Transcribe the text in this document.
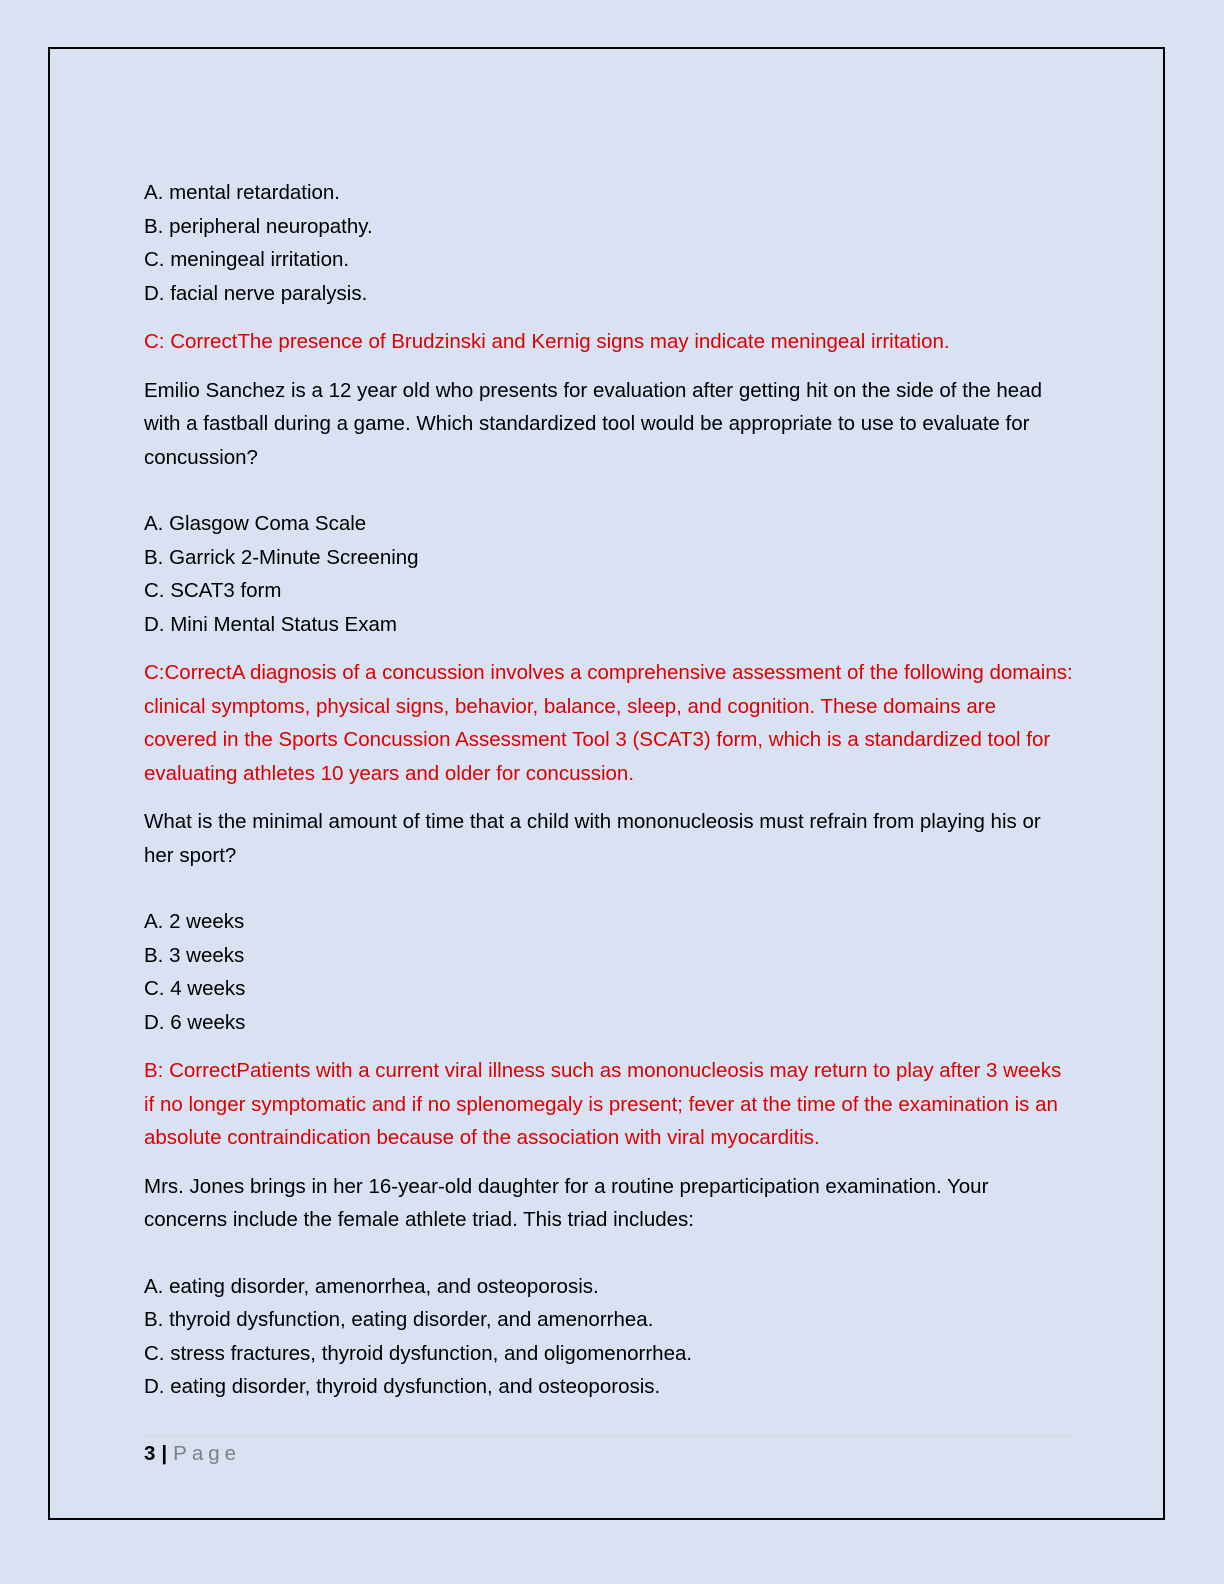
A. mental retardation.

B. peripheral neuropathy.

C. meningeal irritation.

D. facial nerve paralysis.

C: CorrectThe presence of Brudzinski and Kernig signs may indicate meningeal irritation.

Emilio Sanchez is a 12 year old who presents for evaluation after getting hit on the side of the head with a fastball during a game. Which standardized tool would be appropriate to use to evaluate for concussion?

A. Glasgow Coma Scale

B. Garrick 2-Minute Screening

C. SCAT3 form

D. Mini Mental Status Exam

C:CorrectA diagnosis of a concussion involves a comprehensive assessment of the following domains: clinical symptoms, physical signs, behavior, balance, sleep, and cognition. These domains are covered in the Sports Concussion Assessment Tool 3 (SCAT3) form, which is a standardized tool for evaluating athletes 10 years and older for concussion.

What is the minimal amount of time that a child with mononucleosis must refrain from playing his or her sport?

A. 2 weeks

B. 3 weeks

C. 4 weeks

D. 6 weeks

B: CorrectPatients with a current viral illness such as mononucleosis may return to play after 3 weeks if no longer symptomatic and if no splenomegaly is present; fever at the time of the examination is an absolute contraindication because of the association with viral myocarditis.

Mrs. Jones brings in her 16-year-old daughter for a routine preparticipation examination. Your concerns include the female athlete triad. This triad includes:

A. eating disorder, amenorrhea, and osteoporosis.

B. thyroid dysfunction, eating disorder, and amenorrhea.

C. stress fractures, thyroid dysfunction, and oligomenorrhea.

D. eating disorder, thyroid dysfunction, and osteoporosis.

3 | Page
